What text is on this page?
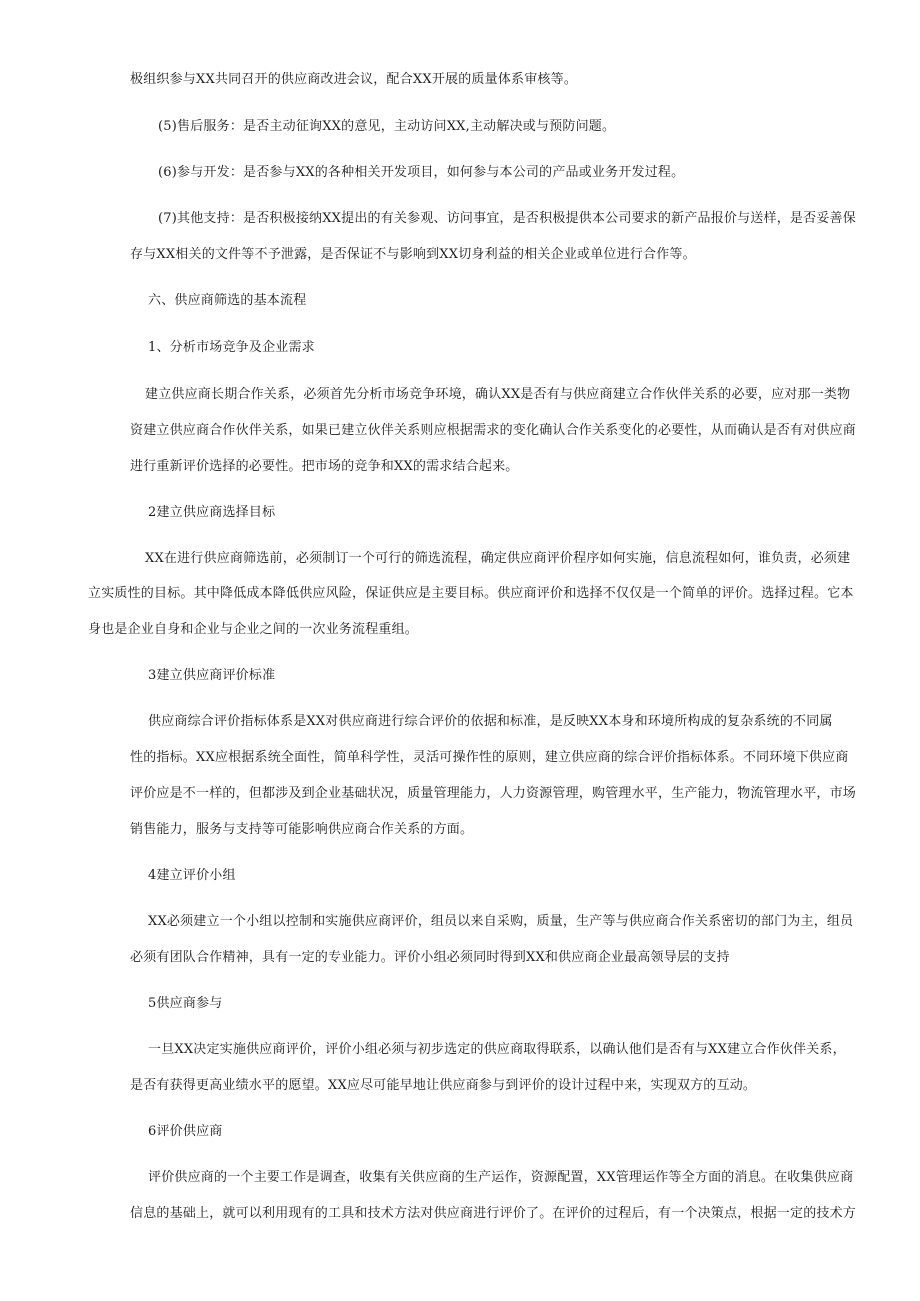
极组织参与XX共同召开的供应商改进会议，配合XX开展的质量体系审核等。
(5)售后服务：是否主动征询XX的意见，主动访问XX,主动解决或与预防问题。
(6)参与开发：是否参与XX的各种相关开发项目，如何参与本公司的产品或业务开发过程。
(7)其他支持：是否积极接纳XX提出的有关参观、访问事宜，是否积极提供本公司要求的新产品报价与送样，是否妥善保
存与XX相关的文件等不予泄露，是否保证不与影响到XX切身利益的相关企业或单位进行合作等。
六、供应商筛选的基本流程
1、分析市场竞争及企业需求
建立供应商长期合作关系，必须首先分析市场竞争环境，确认XX是否有与供应商建立合作伙伴关系的必要，应对那一类物
资建立供应商合作伙伴关系，如果已建立伙伴关系则应根据需求的变化确认合作关系变化的必要性，从而确认是否有对供应商
进行重新评价选择的必要性。把市场的竞争和XX的需求结合起来。
2建立供应商选择目标
XX在进行供应商筛选前，必须制订一个可行的筛选流程，确定供应商评价程序如何实施，信息流程如何，谁负责，必须建
立实质性的目标。其中降低成本降低供应风险，保证供应是主要目标。供应商评价和选择不仅仅是一个简单的评价。选择过程。它本
身也是企业自身和企业与企业之间的一次业务流程重组。
3建立供应商评价标准
供应商综合评价指标体系是XX对供应商进行综合评价的依据和标准，是反映XX本身和环境所构成的复杂系统的不同属
性的指标。XX应根据系统全面性，简单科学性，灵活可操作性的原则，建立供应商的综合评价指标体系。不同环境下供应商
评价应是不一样的，但都涉及到企业基础状况，质量管理能力，人力资源管理，购管理水平，生产能力，物流管理水平，市场
销售能力，服务与支持等可能影响供应商合作关系的方面。
4建立评价小组
XX必须建立一个小组以控制和实施供应商评价，组员以来自采购，质量，生产等与供应商合作关系密切的部门为主，组员
必须有团队合作精神，具有一定的专业能力。评价小组必须同时得到XX和供应商企业最高领导层的支持
5供应商参与
一旦XX决定实施供应商评价，评价小组必须与初步选定的供应商取得联系，以确认他们是否有与XX建立合作伙伴关系，
是否有获得更高业绩水平的愿望。XX应尽可能早地让供应商参与到评价的设计过程中来，实现双方的互动。
6评价供应商
评价供应商的一个主要工作是调查，收集有关供应商的生产运作，资源配置，XX管理运作等全方面的消息。在收集供应商
信息的基础上，就可以利用现有的工具和技术方法对供应商进行评价了。在评价的过程后，有一个决策点，根据一定的技术方
